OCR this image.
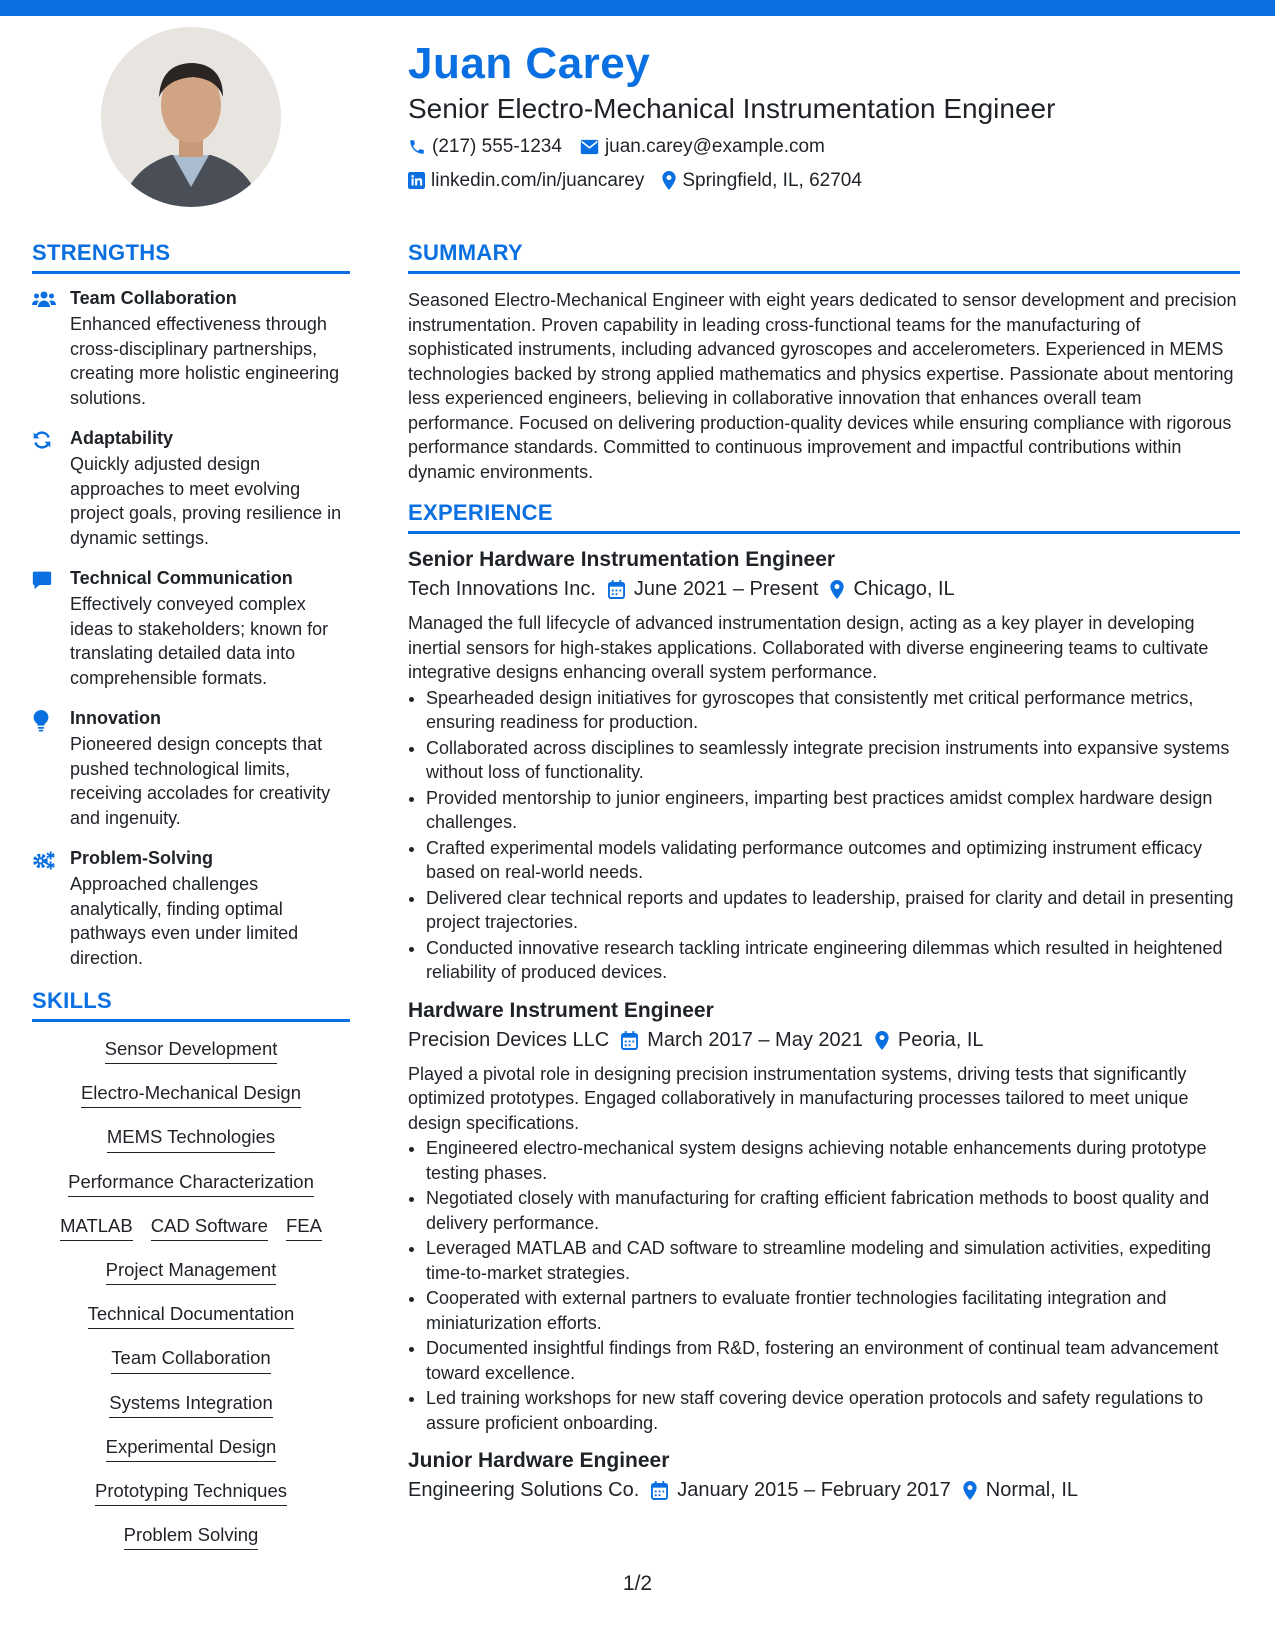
Juan Carey
Senior Electro-Mechanical Instrumentation Engineer
(217) 555-1234 juan.carey@example.com
linkedin.com/in/juancarey Springfield, IL, 62704
STRENGTHS
Team Collaboration
Enhanced effectiveness through cross-disciplinary partnerships, creating more holistic engineering solutions.
Adaptability
Quickly adjusted design approaches to meet evolving project goals, proving resilience in dynamic settings.
Technical Communication
Effectively conveyed complex ideas to stakeholders; known for translating detailed data into comprehensible formats.
Innovation
Pioneered design concepts that pushed technological limits, receiving accolades for creativity and ingenuity.
Problem-Solving
Approached challenges analytically, finding optimal pathways even under limited direction.
SKILLS
Sensor Development
Electro-Mechanical Design
MEMS Technologies
Performance Characterization
MATLAB CAD Software FEA
Project Management
Technical Documentation
Team Collaboration
Systems Integration
Experimental Design
Prototyping Techniques
Problem Solving
SUMMARY
Seasoned Electro-Mechanical Engineer with eight years dedicated to sensor development and precision instrumentation. Proven capability in leading cross-functional teams for the manufacturing of sophisticated instruments, including advanced gyroscopes and accelerometers. Experienced in MEMS technologies backed by strong applied mathematics and physics expertise. Passionate about mentoring less experienced engineers, believing in collaborative innovation that enhances overall team performance. Focused on delivering production-quality devices while ensuring compliance with rigorous performance standards. Committed to continuous improvement and impactful contributions within dynamic environments.
EXPERIENCE
Senior Hardware Instrumentation Engineer
Tech Innovations Inc. June 2021 – Present Chicago, IL
Managed the full lifecycle of advanced instrumentation design, acting as a key player in developing inertial sensors for high-stakes applications. Collaborated with diverse engineering teams to cultivate integrative designs enhancing overall system performance.
• Spearheaded design initiatives for gyroscopes that consistently met critical performance metrics, ensuring readiness for production.
• Collaborated across disciplines to seamlessly integrate precision instruments into expansive systems without loss of functionality.
• Provided mentorship to junior engineers, imparting best practices amidst complex hardware design challenges.
• Crafted experimental models validating performance outcomes and optimizing instrument efficacy based on real-world needs.
• Delivered clear technical reports and updates to leadership, praised for clarity and detail in presenting project trajectories.
• Conducted innovative research tackling intricate engineering dilemmas which resulted in heightened reliability of produced devices.
Hardware Instrument Engineer
Precision Devices LLC March 2017 – May 2021 Peoria, IL
Played a pivotal role in designing precision instrumentation systems, driving tests that significantly optimized prototypes. Engaged collaboratively in manufacturing processes tailored to meet unique design specifications.
• Engineered electro-mechanical system designs achieving notable enhancements during prototype testing phases.
• Negotiated closely with manufacturing for crafting efficient fabrication methods to boost quality and delivery performance.
• Leveraged MATLAB and CAD software to streamline modeling and simulation activities, expediting time-to-market strategies.
• Cooperated with external partners to evaluate frontier technologies facilitating integration and miniaturization efforts.
• Documented insightful findings from R&D, fostering an environment of continual team advancement toward excellence.
• Led training workshops for new staff covering device operation protocols and safety regulations to assure proficient onboarding.
Junior Hardware Engineer
Engineering Solutions Co. January 2015 – February 2017 Normal, IL
1/2
